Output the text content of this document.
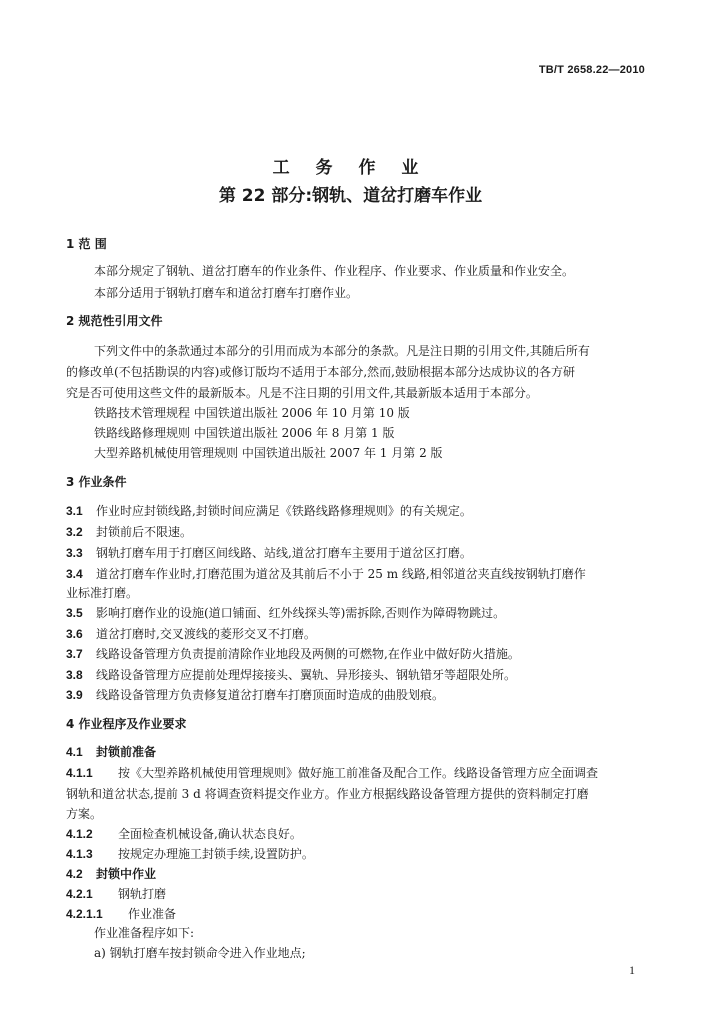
TB/T 2658.22—2010
工 务 作 业
第 22 部分:钢轨、道岔打磨车作业
1 范 围
本部分规定了钢轨、道岔打磨车的作业条件、作业程序、作业要求、作业质量和作业安全。
本部分适用于钢轨打磨车和道岔打磨车打磨作业。
2 规范性引用文件
下列文件中的条款通过本部分的引用而成为本部分的条款。凡是注日期的引用文件,其随后所有
的修改单(不包括勘误的内容)或修订版均不适用于本部分,然而,鼓励根据本部分达成协议的各方研
究是否可使用这些文件的最新版本。凡是不注日期的引用文件,其最新版本适用于本部分。
铁路技术管理规程 中国铁道出版社 2006 年 10 月第 10 版
铁路线路修理规则 中国铁道出版社 2006 年 8 月第 1 版
大型养路机械使用管理规则 中国铁道出版社 2007 年 1 月第 2 版
3 作业条件
3.1 作业时应封锁线路,封锁时间应满足《铁路线路修理规则》的有关规定。
3.2 封锁前后不限速。
3.3 钢轨打磨车用于打磨区间线路、站线,道岔打磨车主要用于道岔区打磨。
3.4 道岔打磨车作业时,打磨范围为道岔及其前后不小于 25 m 线路,相邻道岔夹直线按钢轨打磨作
业标准打磨。
3.5 影响打磨作业的设施(道口铺面、红外线探头等)需拆除,否则作为障碍物跳过。
3.6 道岔打磨时,交叉渡线的菱形交叉不打磨。
3.7 线路设备管理方负责提前清除作业地段及两侧的可燃物,在作业中做好防火措施。
3.8 线路设备管理方应提前处理焊接接头、翼轨、异形接头、钢轨错牙等超限处所。
3.9 线路设备管理方负责修复道岔打磨车打磨顶面时造成的曲股划痕。
4 作业程序及作业要求
4.1 封锁前准备
4.1.1 按《大型养路机械使用管理规则》做好施工前准备及配合工作。线路设备管理方应全面调查
钢轨和道岔状态,提前 3 d 将调查资料提交作业方。作业方根据线路设备管理方提供的资料制定打磨
方案。
4.1.2 全面检查机械设备,确认状态良好。
4.1.3 按规定办理施工封锁手续,设置防护。
4.2 封锁中作业
4.2.1 钢轨打磨
4.2.1.1 作业准备
作业准备程序如下:
a) 钢轨打磨车按封锁命令进入作业地点;
1
